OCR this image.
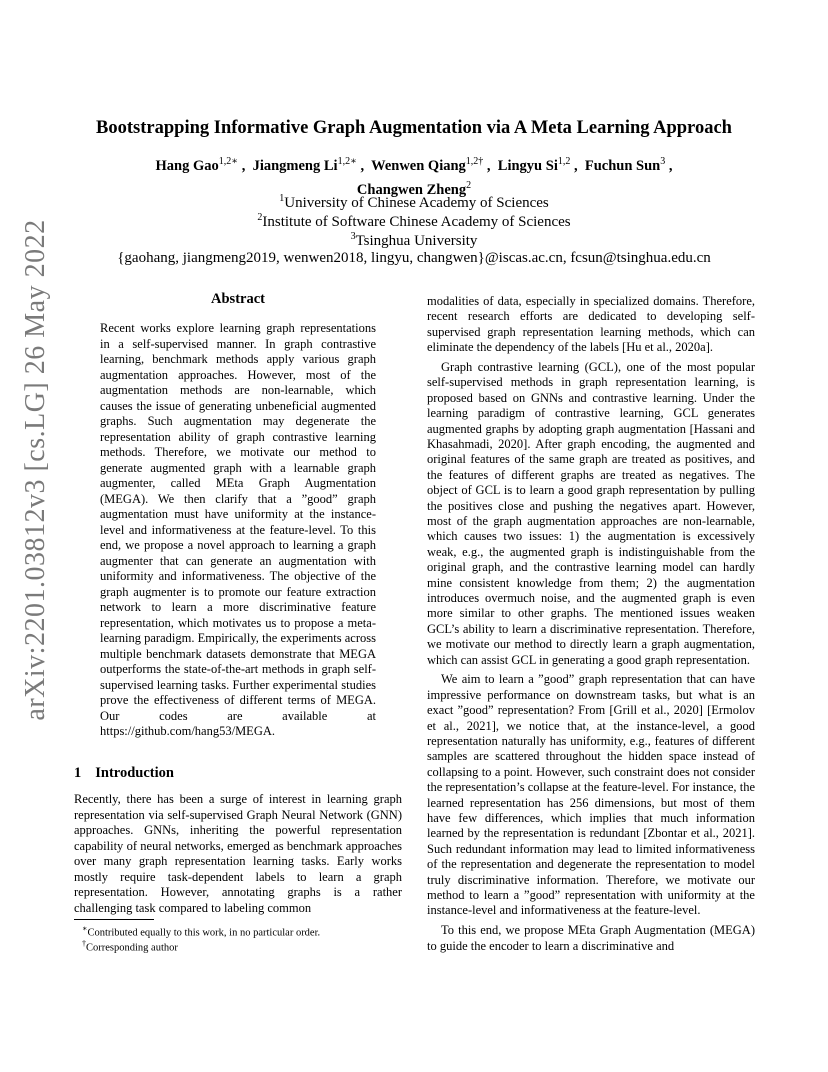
arXiv:2201.03812v3 [cs.LG] 26 May 2022
Bootstrapping Informative Graph Augmentation via A Meta Learning Approach
Hang Gao$^{1,2∗}$ ,  Jiangmeng $Li^{1,2∗}$ ,  Wenwen Qiang$^{1,2\dagger}$ ,  Lingyu Si$^{1,2}$ ,  Fuchun Sun$^3$ ,
Changwen Zheng$^2$
$^1$University of Chinese Academy of Sciences
$^2$Institute of Software Chinese Academy of Sciences
$^3$Tsinghua University
{gaohang, jiangmeng2019, wenwen2018, lingyu, changwen}@iscas.ac.cn, fcsun@tsinghua.edu.cn
Abstract
Recent works explore learning graph representations in a self-supervised manner. In graph contrastive learning, benchmark methods apply various graph augmentation approaches. However, most of the augmentation methods are non-learnable, which causes the issue of generating unbeneficial augmented graphs. Such augmentation may degenerate the representation ability of graph contrastive learning methods. Therefore, we motivate our method to generate augmented graph with a learnable graph augmenter, called MEta Graph Augmentation (MEGA). We then clarify that a ”good” graph augmentation must have uniformity at the instance-level and informativeness at the feature-level. To this end, we propose a novel approach to learning a graph augmenter that can generate an augmentation with uniformity and informativeness. The objective of the graph augmenter is to promote our feature extraction network to learn a more discriminative feature representation, which motivates us to propose a meta-learning paradigm. Empirically, the experiments across multiple benchmark datasets demonstrate that MEGA outperforms the state-of-the-art methods in graph self-supervised learning tasks. Further experimental studies prove the effectiveness of different terms of MEGA. Our codes are available at https://github.com/hang53/MEGA.
1 Introduction
Recently, there has been a surge of interest in learning graph representation via self-supervised Graph Neural Network (GNN) approaches. GNNs, inheriting the powerful representation capability of neural networks, emerged as benchmark approaches over many graph representation learning tasks. Early works mostly require task-dependent labels to learn a graph representation. However, annotating graphs is a rather challenging task compared to labeling common
∗Contributed equally to this work, in no particular order.
†Corresponding author

modalities of data, especially in specialized domains. Therefore, recent research efforts are dedicated to developing self-supervised graph representation learning methods, which can eliminate the dependency of the labels [Hu et al., 2020a].

Graph contrastive learning (GCL), one of the most popular self-supervised methods in graph representation learning, is proposed based on GNNs and contrastive learning. Under the learning paradigm of contrastive learning, GCL generates augmented graphs by adopting graph augmentation [Hassani and Khasahmadi, 2020]. After graph encoding, the augmented and original features of the same graph are treated as positives, and the features of different graphs are treated as negatives. The object of GCL is to learn a good graph representation by pulling the positives close and pushing the negatives apart. However, most of the graph augmentation approaches are non-learnable, which causes two issues: 1) the augmentation is excessively weak, e.g., the augmented graph is indistinguishable from the original graph, and the contrastive learning model can hardly mine consistent knowledge from them; 2) the augmentation introduces overmuch noise, and the augmented graph is even more similar to other graphs. The mentioned issues weaken GCL’s ability to learn a discriminative representation. Therefore, we motivate our method to directly learn a graph augmentation, which can assist GCL in generating a good graph representation.

We aim to learn a ”good” graph representation that can have impressive performance on downstream tasks, but what is an exact ”good” representation? From [Grill et al., 2020] [Ermolov et al., 2021], we notice that, at the instance-level, a good representation naturally has uniformity, e.g., features of different samples are scattered throughout the hidden space instead of collapsing to a point. However, such constraint does not consider the representation’s collapse at the feature-level. For instance, the learned representation has 256 dimensions, but most of them have few differences, which implies that much information learned by the representation is redundant [Zbontar et al., 2021]. Such redundant information may lead to limited informativeness of the representation and degenerate the representation to model truly discriminative information. Therefore, we motivate our method to learn a ”good” representation with uniformity at the instance-level and informativeness at the feature-level.

To this end, we propose MEta Graph Augmentation (MEGA) to guide the encoder to learn a discriminative and
